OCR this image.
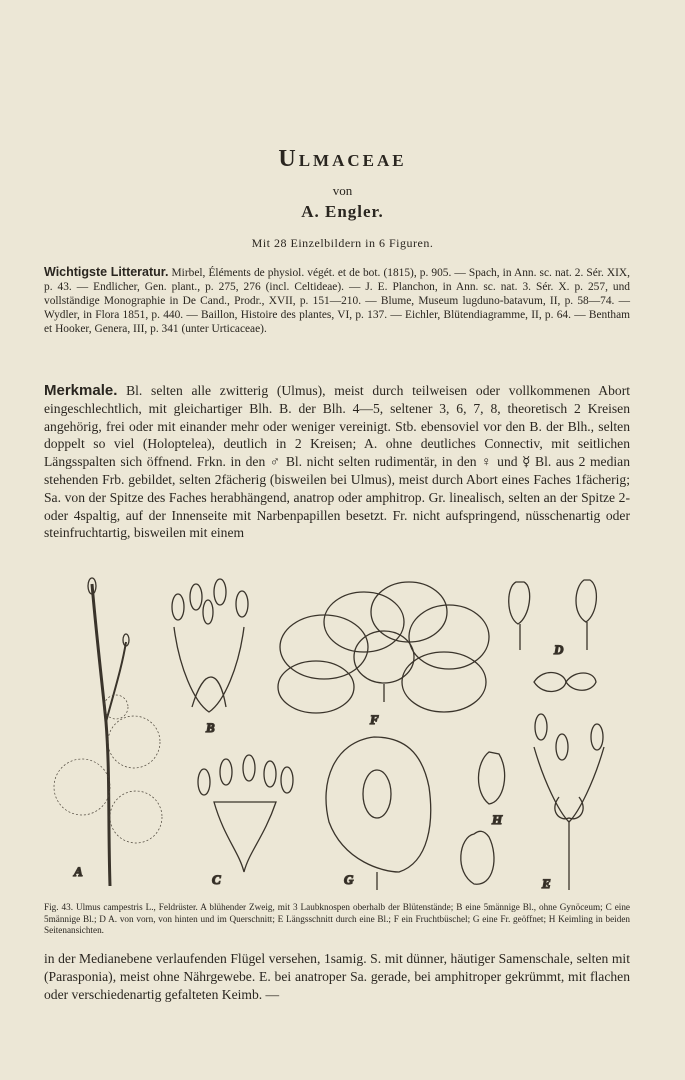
Ulmaceae
von
A. Engler.
Mit 28 Einzelbildern in 6 Figuren.
Wichtigste Litteratur. Mirbel, Éléments de physiol. végét. et de bot. (1815), p. 905. — Spach, in Ann. sc. nat. 2. Sér. XIX, p. 43. — Endlicher, Gen. plant., p. 275, 276 (incl. Celtideae). — J. E. Planchon, in Ann. sc. nat. 3. Sér. X. p. 257, und vollständige Monographie in De Cand., Prodr., XVII, p. 151—210. — Blume, Museum lugduno-batavum, II, p. 58—74. — Wydler, in Flora 1851, p. 440. — Baillon, Histoire des plantes, VI, p. 137. — Eichler, Blütendiagramme, II, p. 64. — Bentham et Hooker, Genera, III, p. 341 (unter Urticaceae).
Merkmale. Bl. selten alle zwitterig (Ulmus), meist durch teilweisen oder vollkommenen Abort eingeschlechtlich, mit gleichartiger Blh. B. der Blh. 4—5, seltener 3, 6, 7, 8, theoretisch 2 Kreisen angehörig, frei oder mit einander mehr oder weniger vereinigt. Stb. ebensoviel vor den B. der Blh., selten doppelt so viel (Holoptelea), deutlich in 2 Kreisen; A. ohne deutliches Connectiv, mit seitlichen Längsspalten sich öffnend. Frkn. in den ♂ Bl. nicht selten rudimentär, in den ♀ und ☿ Bl. aus 2 median stehenden Frb. gebildet, selten 2fächerig (bisweilen bei Ulmus), meist durch Abort eines Faches 1fächerig; Sa. von der Spitze des Faches herabhängend, anatrop oder amphitrop. Gr. linealisch, selten an der Spitze 2- oder 4spaltig, auf der Innenseite mit Narbenpapillen besetzt. Fr. nicht aufspringend, nüsschenartig oder steinfruchtartig, bisweilen mit einem
A
B
C
F
G
D
H
E
Fig. 43. Ulmus campestris L., Feldrüster. A blühender Zweig, mit 3 Laubknospen oberhalb der Blütenstände; B eine 5männige Bl., ohne Gynöceum; C eine 5männige Bl.; D A. von vorn, von hinten und im Querschnitt; E Längsschnitt durch eine Bl.; F ein Fruchtbüschel; G eine Fr. geöffnet; H Keimling in beiden Seitenansichten.
in der Medianebene verlaufenden Flügel versehen, 1samig. S. mit dünner, häutiger Samenschale, selten mit (Parasponia), meist ohne Nährgewebe. E. bei anatroper Sa. gerade, bei amphitroper gekrümmt, mit flachen oder verschiedenartig gefalteten Keimb. —
